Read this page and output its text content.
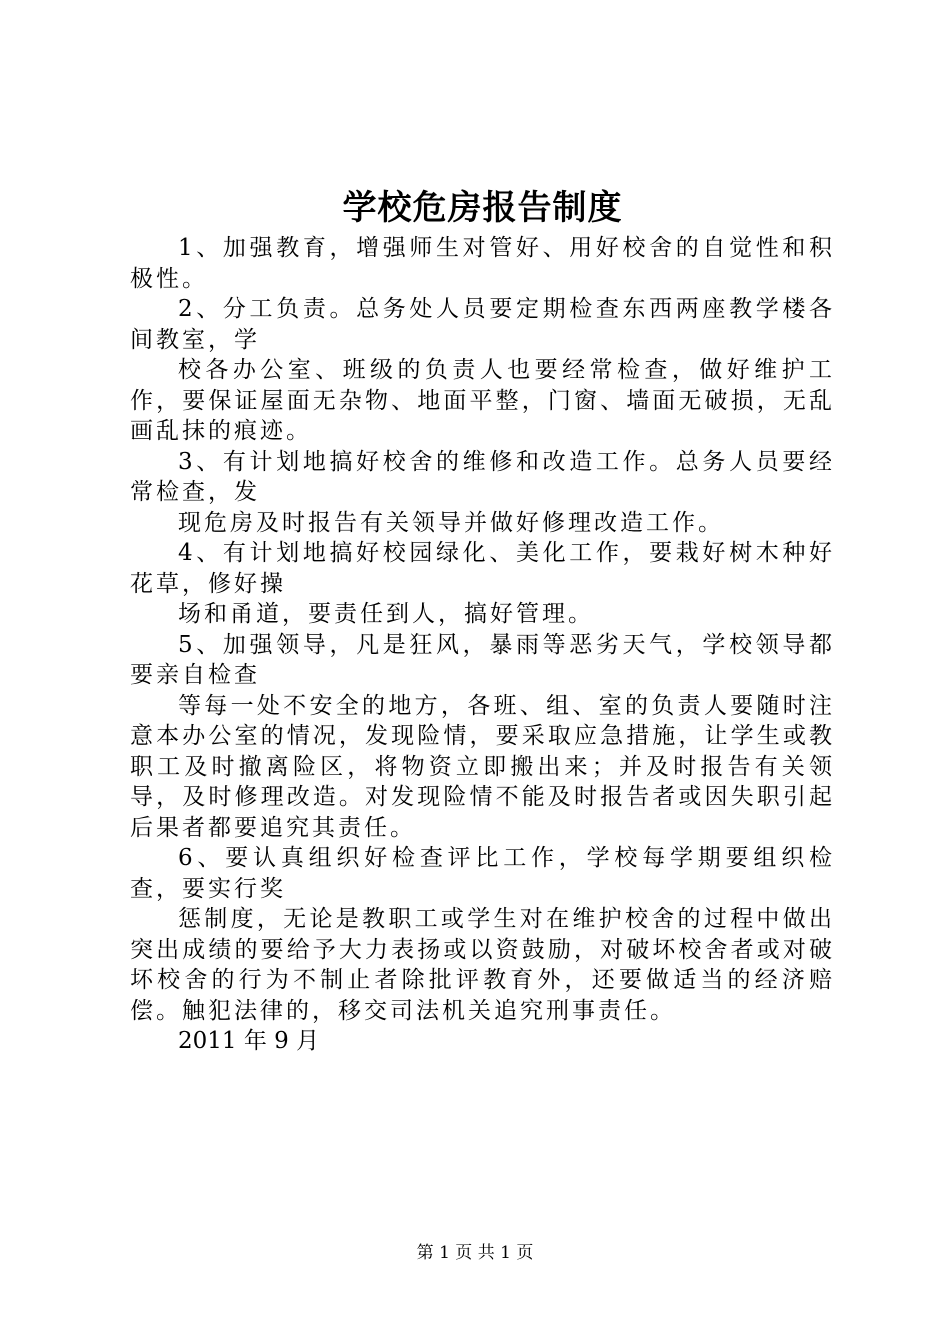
学校危房报告制度

1、加强教育，增强师生对管好、用好校舍的自觉性和积极性。

2、分工负责。总务处人员要定期检查东西两座教学楼各间教室，学

校各办公室、班级的负责人也要经常检查，做好维护工作，要保证屋面无杂物、地面平整，门窗、墙面无破损，无乱画乱抹的痕迹。

3、有计划地搞好校舍的维修和改造工作。总务人员要经常检查，发

现危房及时报告有关领导并做好修理改造工作。

4、有计划地搞好校园绿化、美化工作，要栽好树木种好花草，修好操

场和甬道，要责任到人，搞好管理。

5、加强领导，凡是狂风，暴雨等恶劣天气，学校领导都要亲自检查

等每一处不安全的地方，各班、组、室的负责人要随时注意本办公室的情况，发现险情，要采取应急措施，让学生或教职工及时撤离险区，将物资立即搬出来；并及时报告有关领导，及时修理改造。对发现险情不能及时报告者或因失职引起后果者都要追究其责任。

6、要认真组织好检查评比工作，学校每学期要组织检查，要实行奖

惩制度，无论是教职工或学生对在维护校舍的过程中做出突出成绩的要给予大力表扬或以资鼓励，对破坏校舍者或对破坏校舍的行为不制止者除批评教育外，还要做适当的经济赔偿。触犯法律的，移交司法机关追究刑事责任。

2011 年 9 月

第 1 页 共 1 页
